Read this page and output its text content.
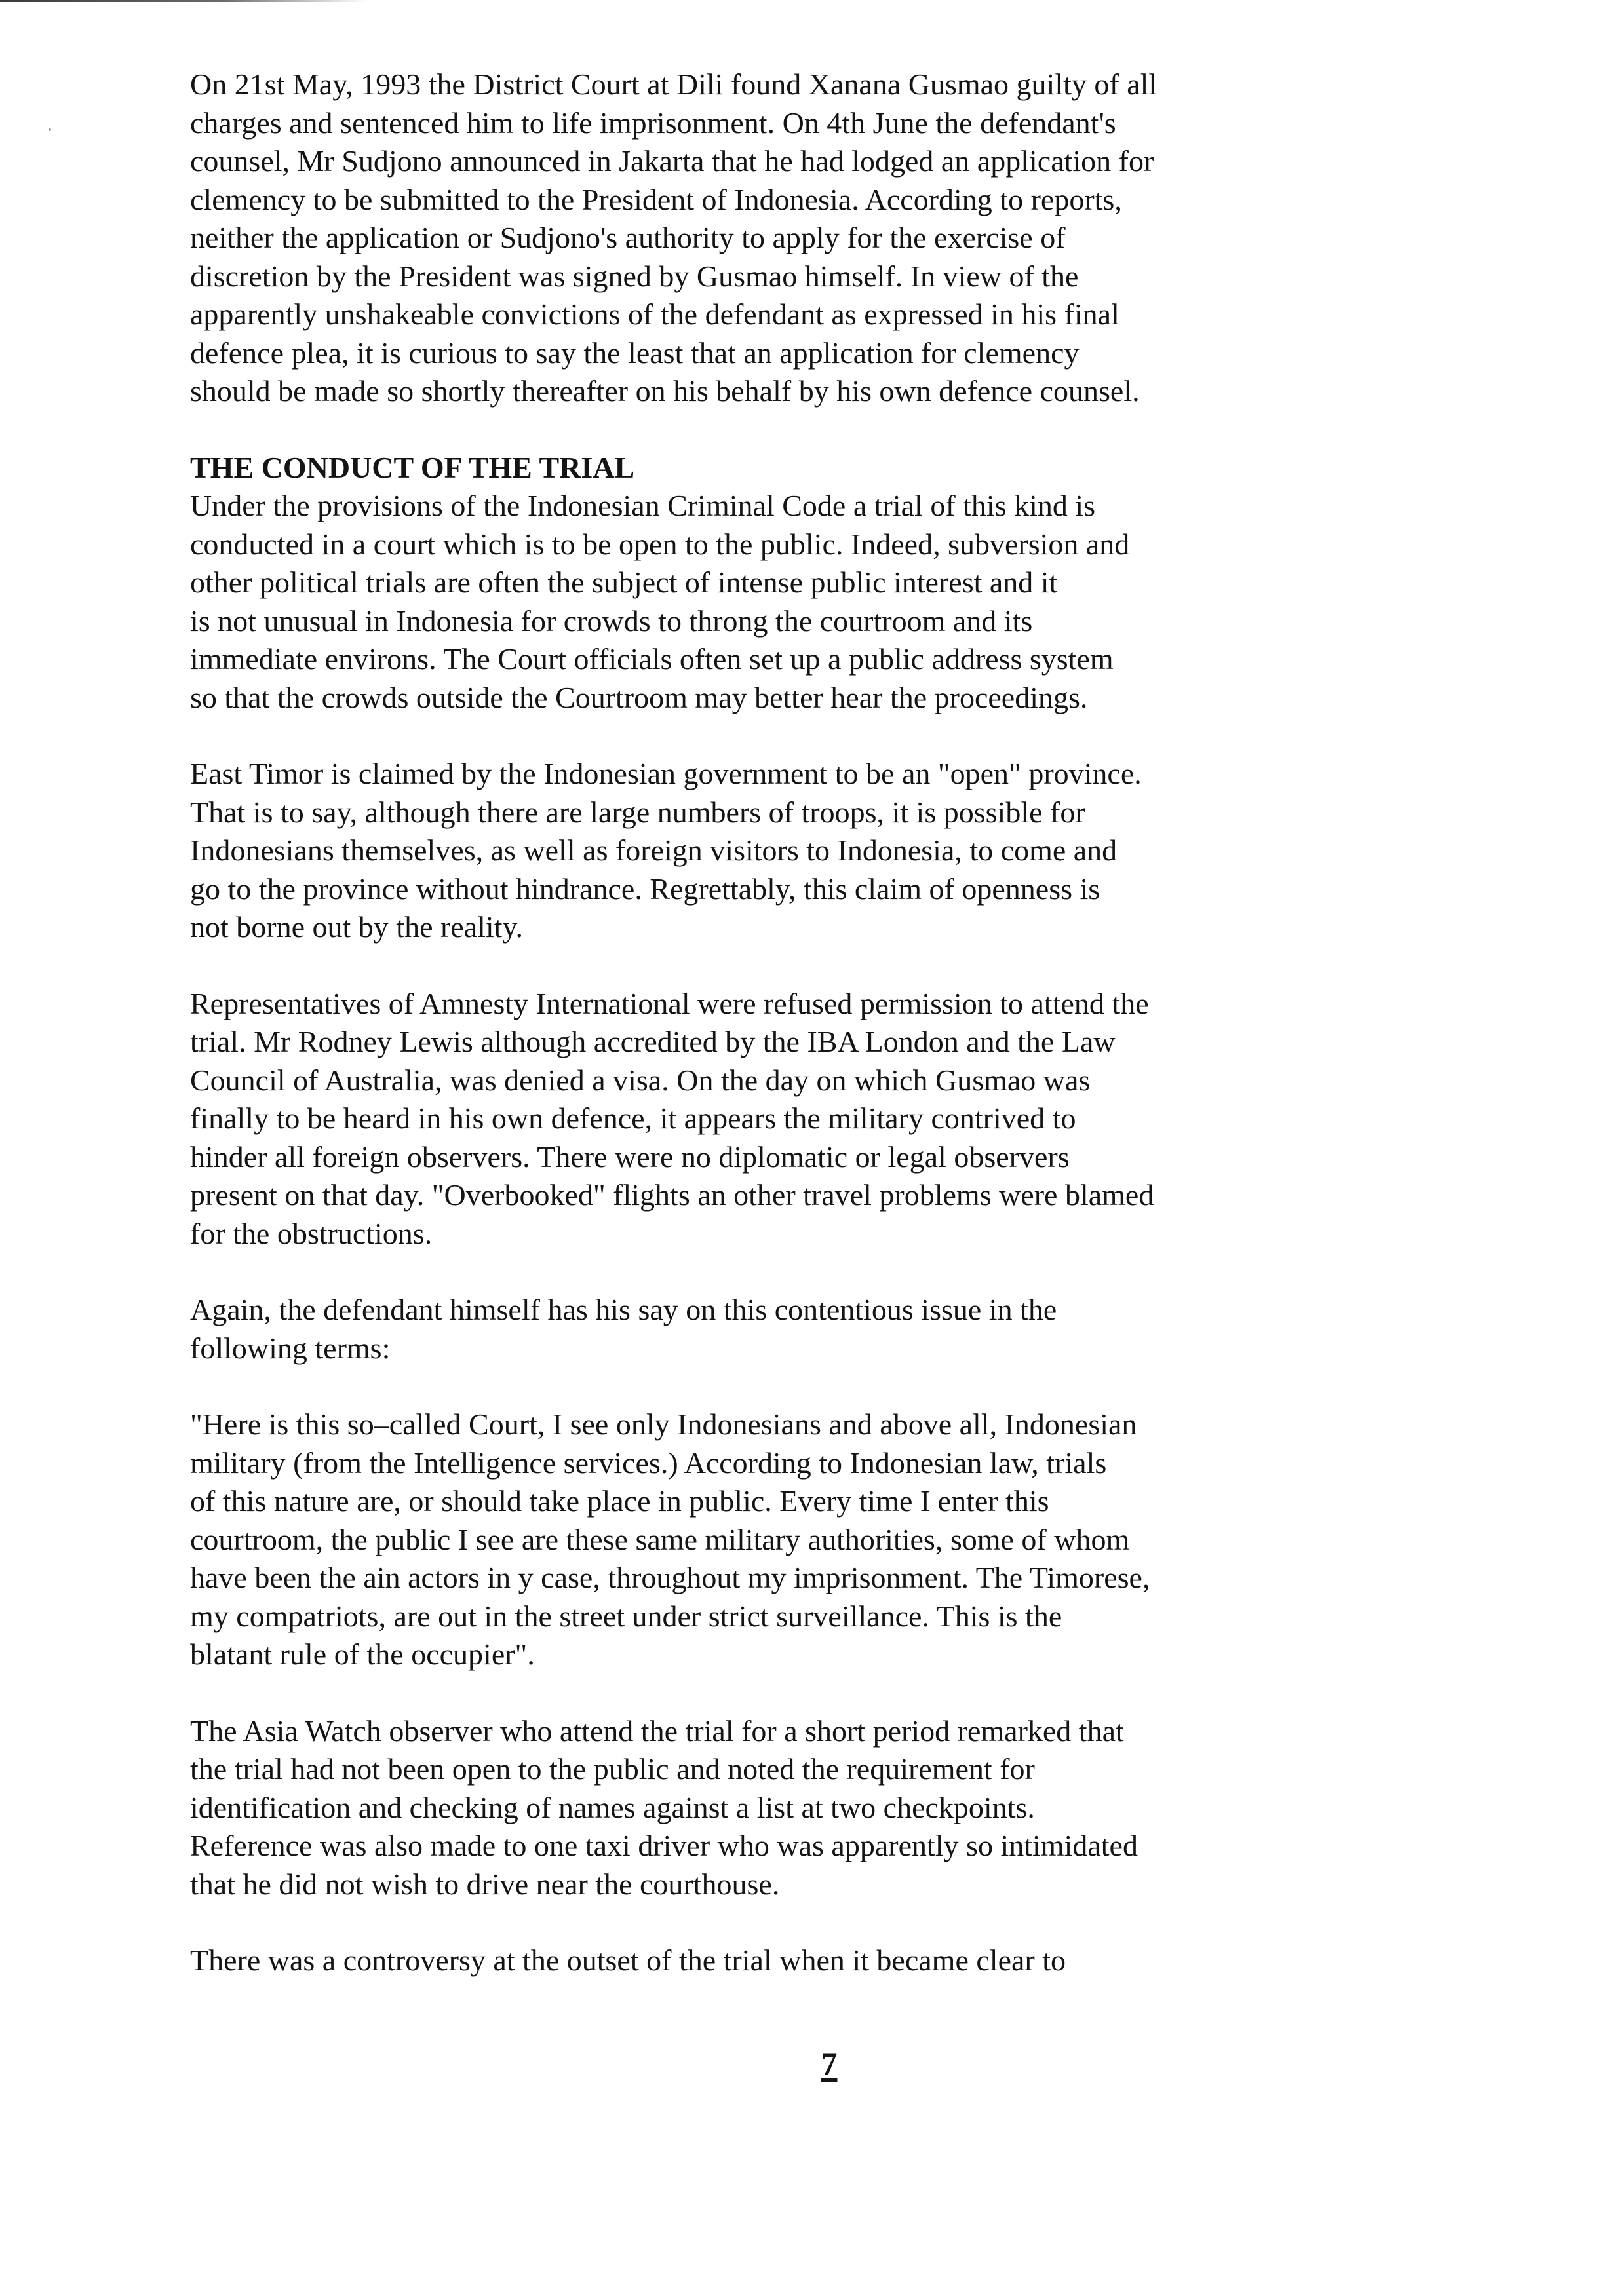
On 21st May, 1993 the District Court at Dili found Xanana Gusmao guilty of all
charges and sentenced him to life imprisonment. On 4th June the defendant's
counsel, Mr Sudjono announced in Jakarta that he had lodged an application for
clemency to be submitted to the President of Indonesia. According to reports,
neither the application or Sudjono's authority to apply for the exercise of
discretion by the President was signed by Gusmao himself. In view of the
apparently unshakeable convictions of the defendant as expressed in his final
defence plea, it is curious to say the least that an application for clemency
should be made so shortly thereafter on his behalf by his own defence counsel.
THE CONDUCT OF THE TRIAL
Under the provisions of the Indonesian Criminal Code a trial of this kind is
conducted in a court which is to be open to the public. Indeed, subversion and
other political trials are often the subject of intense public interest and it
is not unusual in Indonesia for crowds to throng the courtroom and its
immediate environs. The Court officials often set up a public address system
so that the crowds outside the Courtroom may better hear the proceedings.
East Timor is claimed by the Indonesian government to be an "open" province.
That is to say, although there are large numbers of troops, it is possible for
Indonesians themselves, as well as foreign visitors to Indonesia, to come and
go to the province without hindrance. Regrettably, this claim of openness is
not borne out by the reality.
Representatives of Amnesty International were refused permission to attend the
trial. Mr Rodney Lewis although accredited by the IBA London and the Law
Council of Australia, was denied a visa. On the day on which Gusmao was
finally to be heard in his own defence, it appears the military contrived to
hinder all foreign observers. There were no diplomatic or legal observers
present on that day. "Overbooked" flights an other travel problems were blamed
for the obstructions.
Again, the defendant himself has his say on this contentious issue in the
following terms:
"Here is this so–called Court, I see only Indonesians and above all, Indonesian
military (from the Intelligence services.) According to Indonesian law, trials
of this nature are, or should take place in public. Every time I enter this
courtroom, the public I see are these same military authorities, some of whom
have been the ain actors in y case, throughout my imprisonment. The Timorese,
my compatriots, are out in the street under strict surveillance. This is the
blatant rule of the occupier".
The Asia Watch observer who attend the trial for a short period remarked that
the trial had not been open to the public and noted the requirement for
identification and checking of names against a list at two checkpoints.
Reference was also made to one taxi driver who was apparently so intimidated
that he did not wish to drive near the courthouse.
There was a controversy at the outset of the trial when it became clear to
7
